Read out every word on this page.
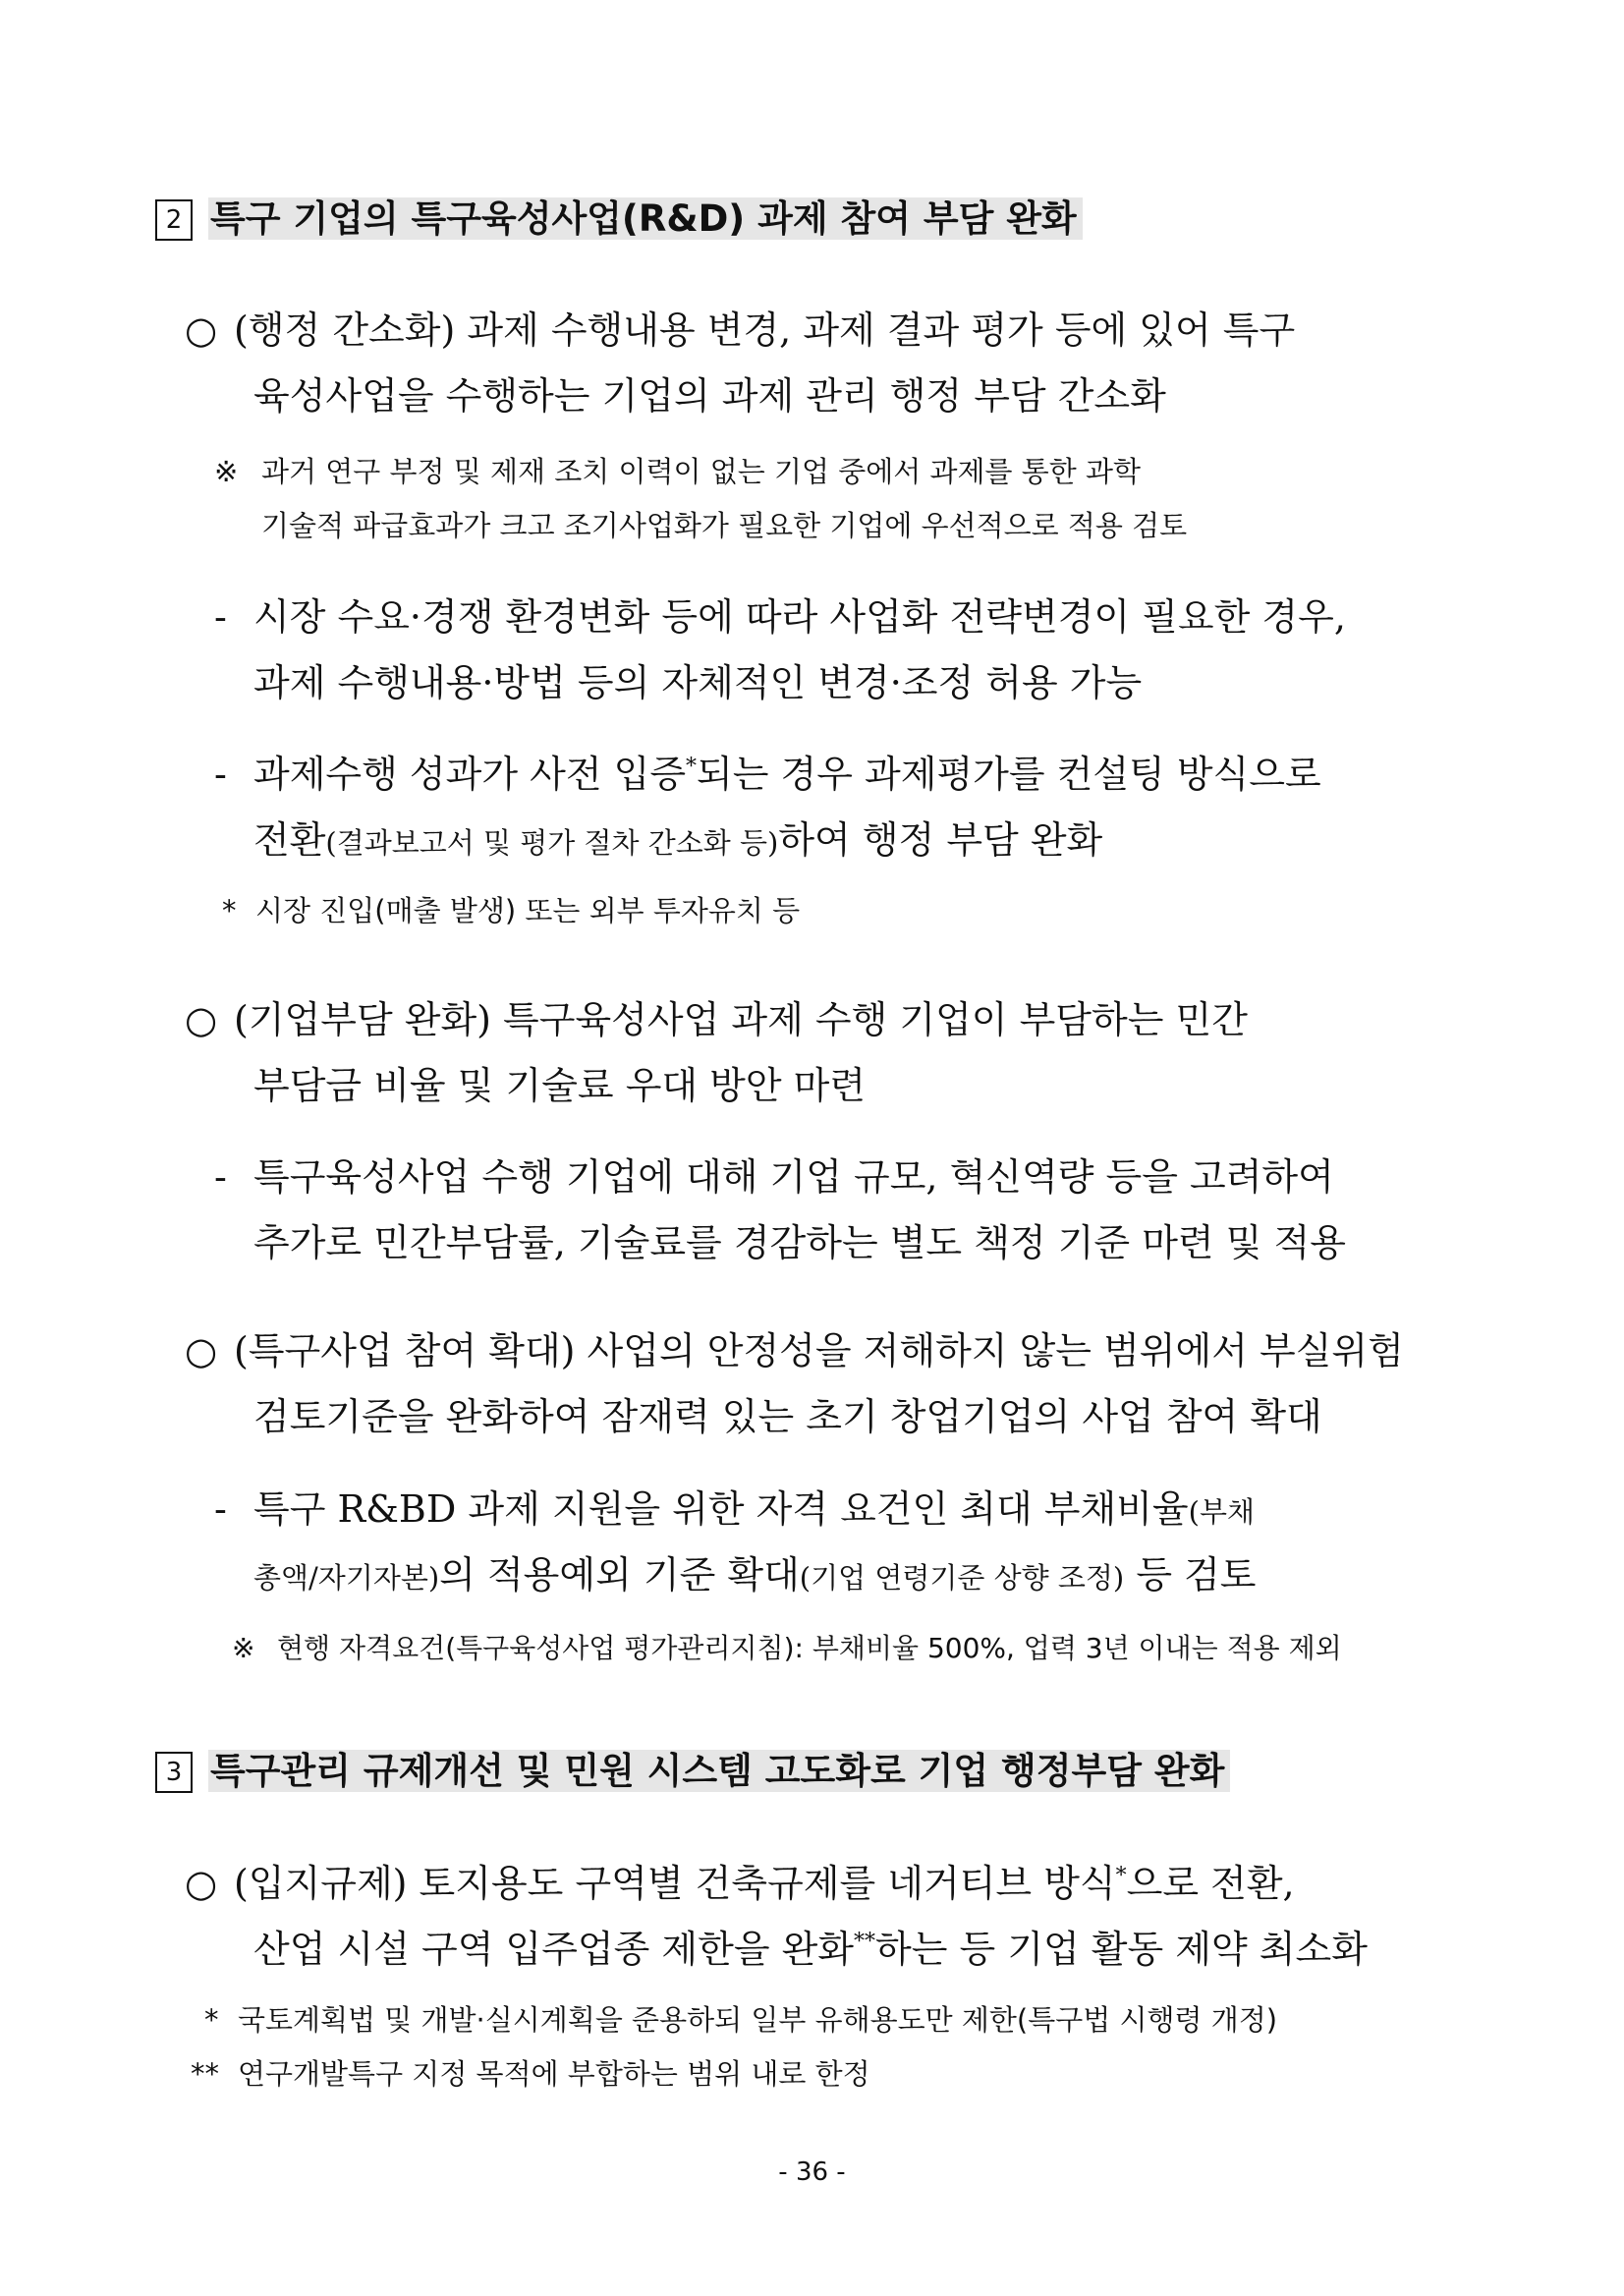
2 특구 기업의 특구육성사업(R&D) 과제 참여 부담 완화
○ (행정 간소화) 과제 수행내용 변경, 과제 결과 평가 등에 있어 특구
육성사업을 수행하는 기업의 과제 관리 행정 부담 간소화
※ 과거 연구 부정 및 제재 조치 이력이 없는 기업 중에서 과제를 통한 과학
기술적 파급효과가 크고 조기사업화가 필요한 기업에 우선적으로 적용 검토
- 시장 수요·경쟁 환경변화 등에 따라 사업화 전략변경이 필요한 경우,
과제 수행내용·방법 등의 자체적인 변경·조정 허용 가능
- 과제수행 성과가 사전 입증*되는 경우 과제평가를 컨설팅 방식으로
전환(결과보고서 및 평가 절차 간소화 등)하여 행정 부담 완화
* 시장 진입(매출 발생) 또는 외부 투자유치 등
○ (기업부담 완화) 특구육성사업 과제 수행 기업이 부담하는 민간
부담금 비율 및 기술료 우대 방안 마련
- 특구육성사업 수행 기업에 대해 기업 규모, 혁신역량 등을 고려하여
추가로 민간부담률, 기술료를 경감하는 별도 책정 기준 마련 및 적용
○ (특구사업 참여 확대) 사업의 안정성을 저해하지 않는 범위에서 부실위험
검토기준을 완화하여 잠재력 있는 초기 창업기업의 사업 참여 확대
- 특구 R&BD 과제 지원을 위한 자격 요건인 최대 부채비율(부채
총액/자기자본)의 적용예외 기준 확대(기업 연령기준 상향 조정) 등 검토
※ 현행 자격요건(특구육성사업 평가관리지침): 부채비율 500%, 업력 3년 이내는 적용 제외
3 특구관리 규제개선 및 민원 시스템 고도화로 기업 행정부담 완화
○ (입지규제) 토지용도 구역별 건축규제를 네거티브 방식*으로 전환,
산업 시설 구역 입주업종 제한을 완화**하는 등 기업 활동 제약 최소화
* 국토계획법 및 개발·실시계획을 준용하되 일부 유해용도만 제한(특구법 시행령 개정)
** 연구개발특구 지정 목적에 부합하는 범위 내로 한정
- 36 -
